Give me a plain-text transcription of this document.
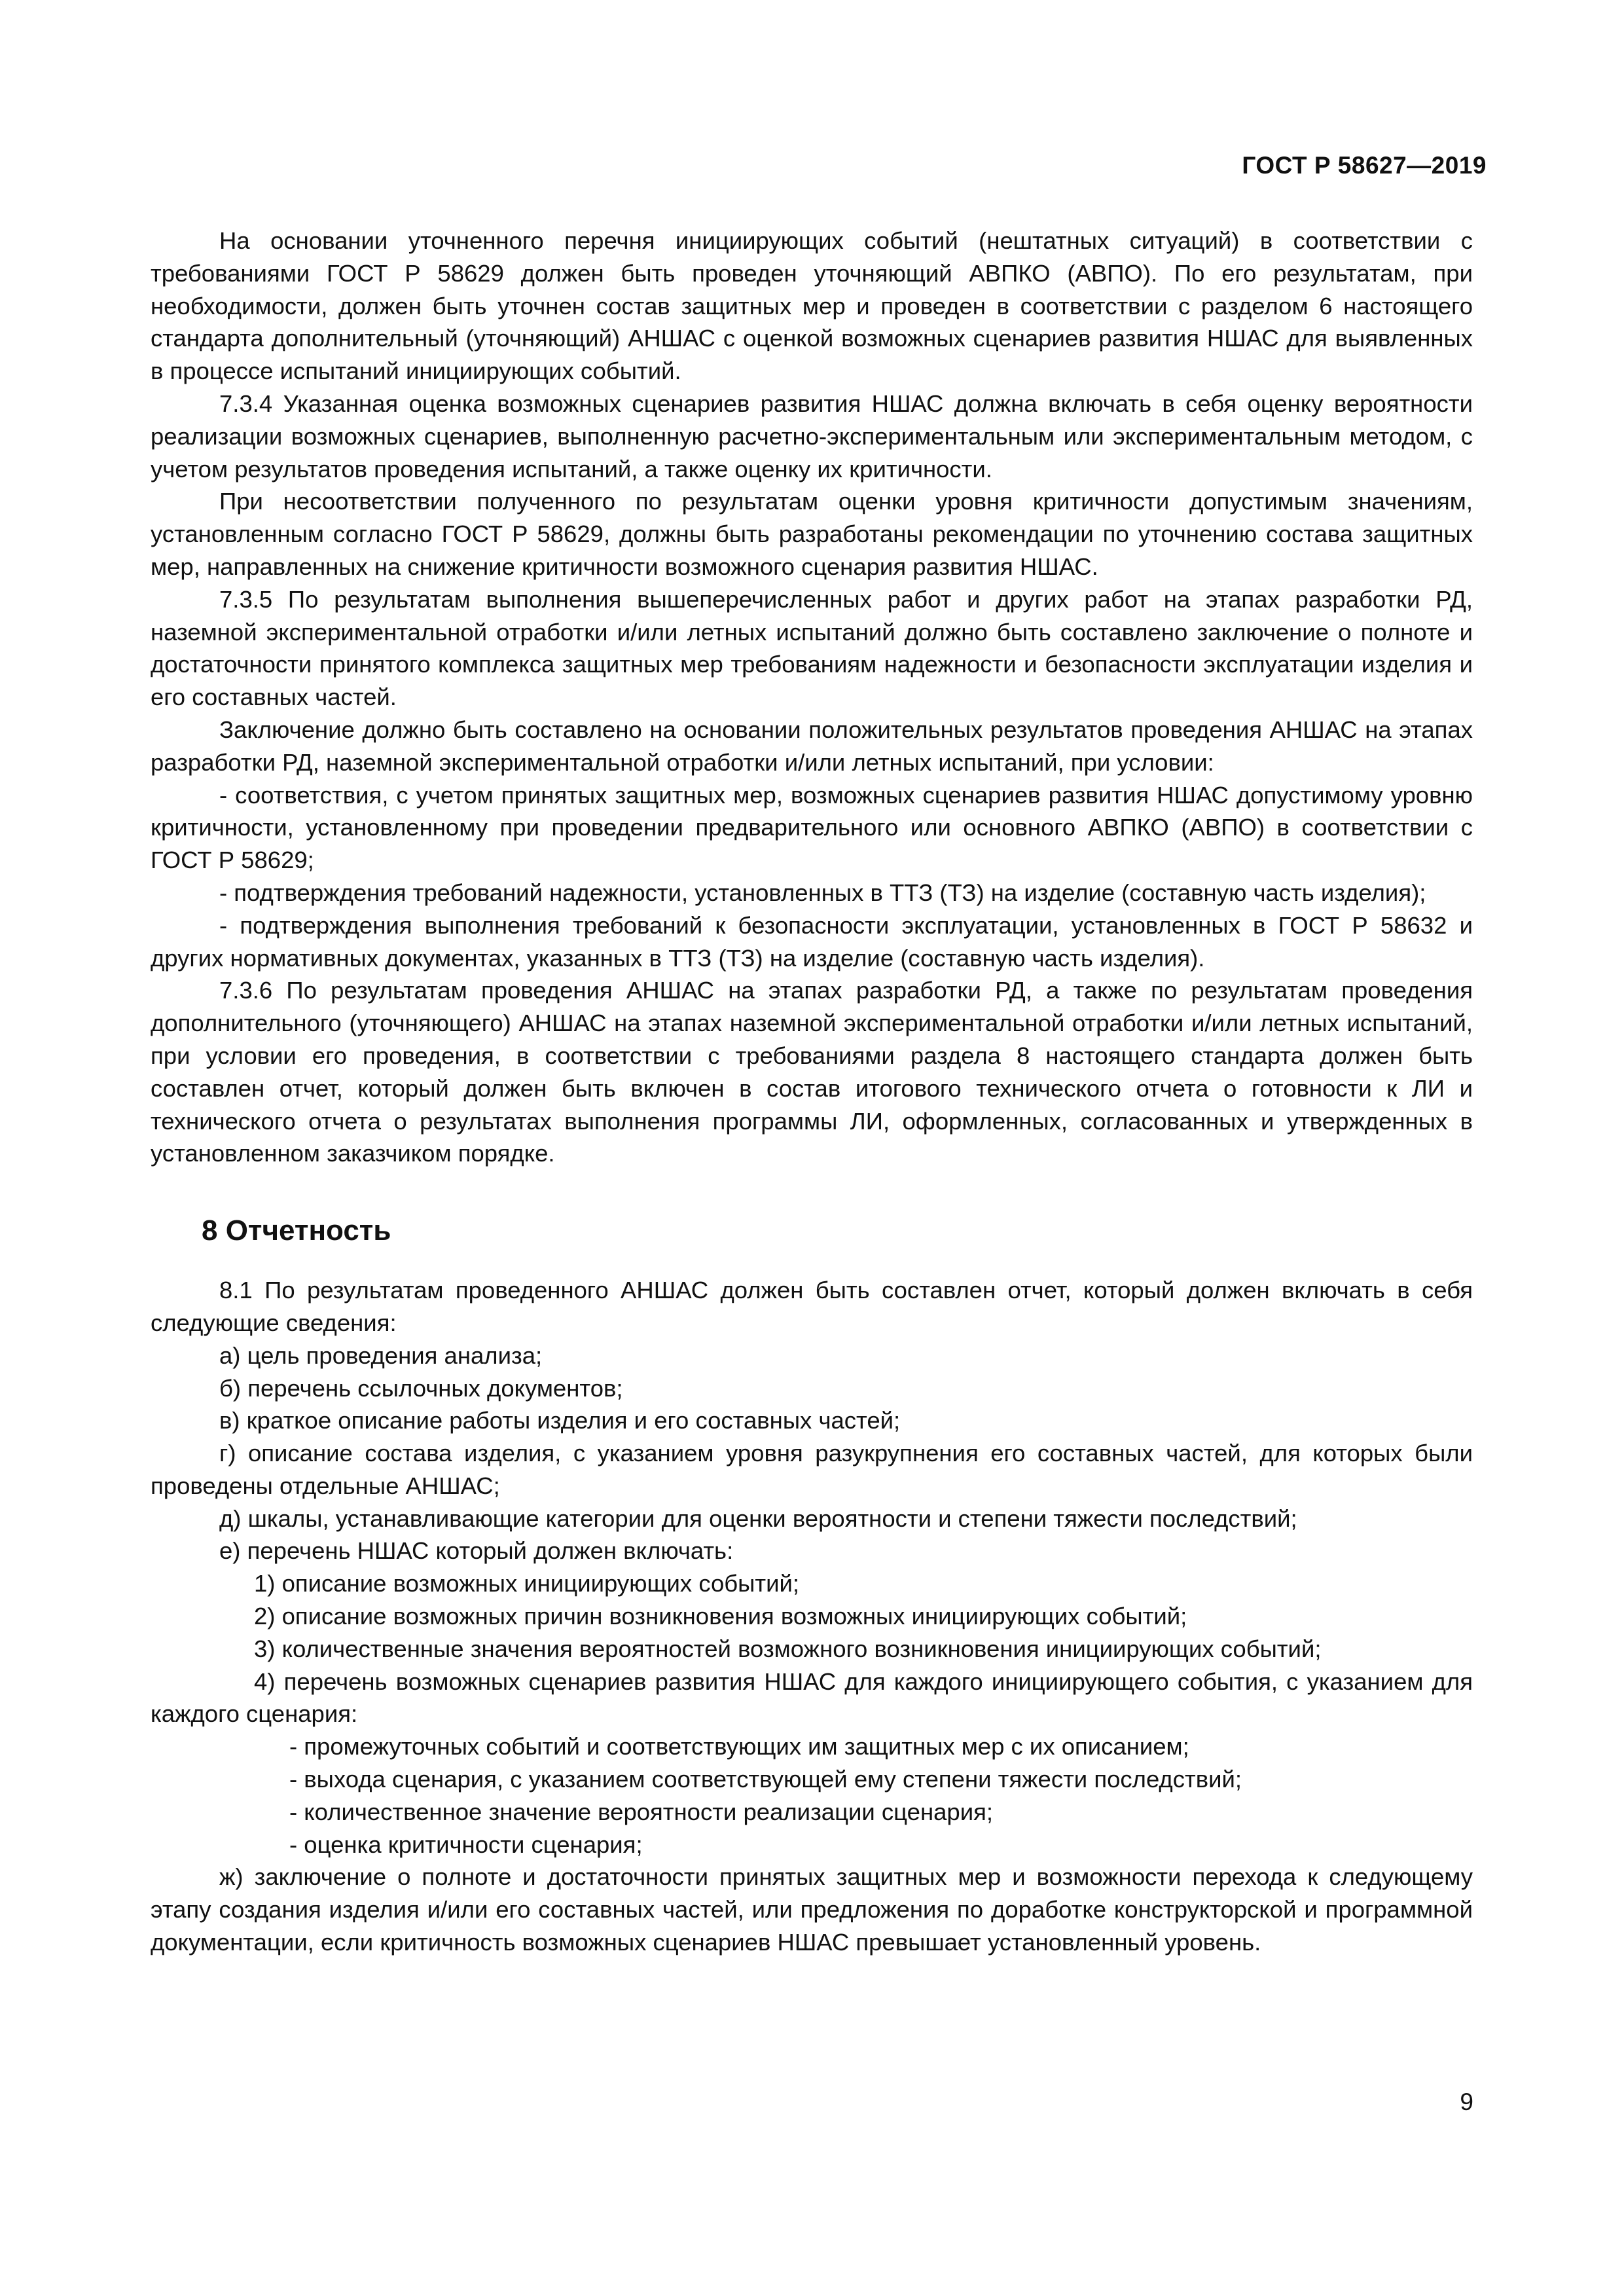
ГОСТ Р 58627—2019

На основании уточненного перечня инициирующих событий (нештатных ситуаций) в соответствии с требованиями ГОСТ Р 58629 должен быть проведен уточняющий АВПКО (АВПО). По его результатам, при необходимости, должен быть уточнен состав защитных мер и проведен в соответствии с разделом 6 настоящего стандарта дополнительный (уточняющий) АНШАС с оценкой возможных сценариев развития НШАС для выявленных в процессе испытаний инициирующих событий.

7.3.4 Указанная оценка возможных сценариев развития НШАС должна включать в себя оценку вероятности реализации возможных сценариев, выполненную расчетно-экспериментальным или экспериментальным методом, с учетом результатов проведения испытаний, а также оценку их критичности.

При несоответствии полученного по результатам оценки уровня критичности допустимым значениям, установленным согласно ГОСТ Р 58629, должны быть разработаны рекомендации по уточнению состава защитных мер, направленных на снижение критичности возможного сценария развития НШАС.

7.3.5 По результатам выполнения вышеперечисленных работ и других работ на этапах разработки РД, наземной экспериментальной отработки и/или летных испытаний должно быть составлено заключение о полноте и достаточности принятого комплекса защитных мер требованиям надежности и безопасности эксплуатации изделия и его составных частей.

Заключение должно быть составлено на основании положительных результатов проведения АНШАС на этапах разработки РД, наземной экспериментальной отработки и/или летных испытаний, при условии:

- соответствия, с учетом принятых защитных мер, возможных сценариев развития НШАС допустимому уровню критичности, установленному при проведении предварительного или основного АВПКО (АВПО) в соответствии с ГОСТ Р 58629;

- подтверждения требований надежности, установленных в ТТЗ (ТЗ) на изделие (составную часть изделия);

- подтверждения выполнения требований к безопасности эксплуатации, установленных в ГОСТ Р 58632 и других нормативных документах, указанных в ТТЗ (ТЗ) на изделие (составную часть изделия).

7.3.6 По результатам проведения АНШАС на этапах разработки РД, а также по результатам проведения дополнительного (уточняющего) АНШАС на этапах наземной экспериментальной отработки и/или летных испытаний, при условии его проведения, в соответствии с требованиями раздела 8 настоящего стандарта должен быть составлен отчет, который должен быть включен в состав итогового технического отчета о готовности к ЛИ и технического отчета о результатах выполнения программы ЛИ, оформленных, согласованных и утвержденных в установленном заказчиком порядке.

8 Отчетность

8.1 По результатам проведенного АНШАС должен быть составлен отчет, который должен включать в себя следующие сведения:

а) цель проведения анализа;

б) перечень ссылочных документов;

в) краткое описание работы изделия и его составных частей;

г) описание состава изделия, с указанием уровня разукрупнения его составных частей, для которых были проведены отдельные АНШАС;

д) шкалы, устанавливающие категории для оценки вероятности и степени тяжести последствий;

е) перечень НШАС который должен включать:

1) описание возможных инициирующих событий;

2) описание возможных причин возникновения возможных инициирующих событий;

3) количественные значения вероятностей возможного возникновения инициирующих событий;

4) перечень возможных сценариев развития НШАС для каждого инициирующего события, с указанием для каждого сценария:

- промежуточных событий и соответствующих им защитных мер с их описанием;

- выхода сценария, с указанием соответствующей ему степени тяжести последствий;

- количественное значение вероятности реализации сценария;

- оценка критичности сценария;

ж) заключение о полноте и достаточности принятых защитных мер и возможности перехода к следующему этапу создания изделия и/или его составных частей, или предложения по доработке конструкторской и программной документации, если критичность возможных сценариев НШАС превышает установленный уровень.

9
